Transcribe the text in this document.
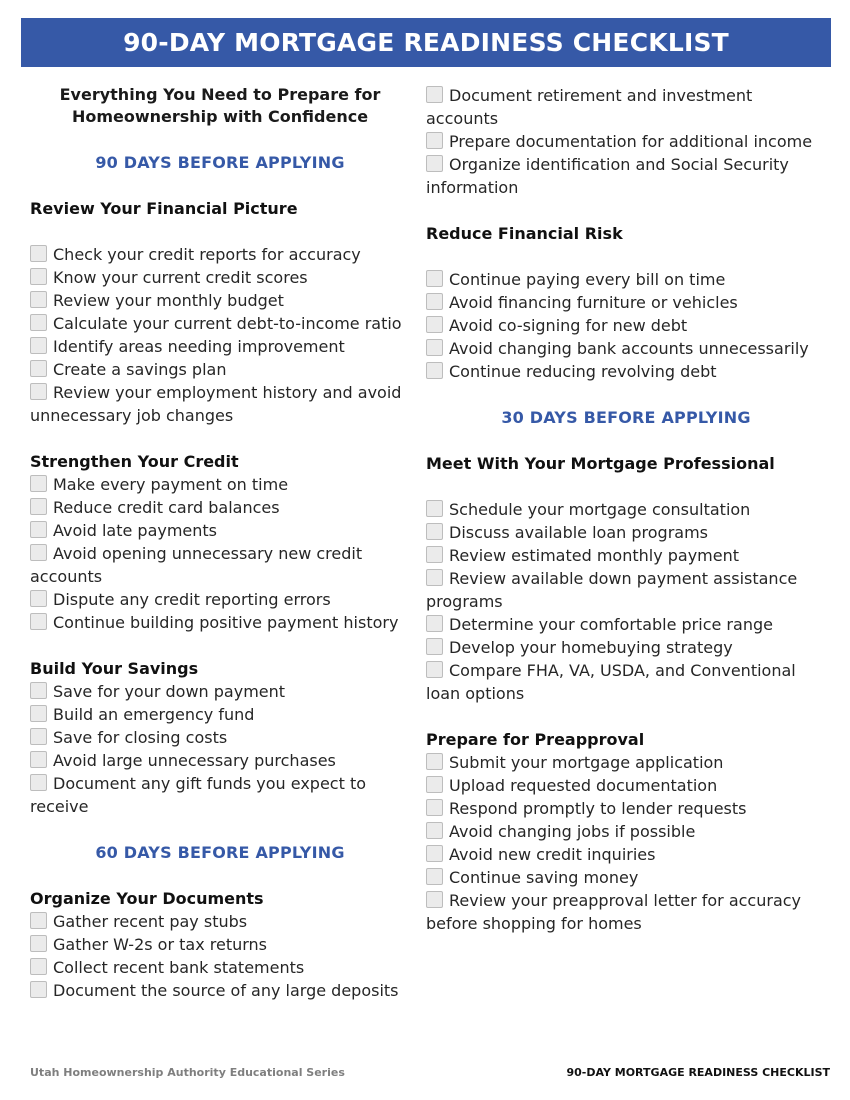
90-DAY MORTGAGE READINESS CHECKLIST
Everything You Need to Prepare for
Homeownership with Confidence
90 DAYS BEFORE APPLYING
Review Your Financial Picture
Check your credit reports for accuracy
Know your current credit scores
Review your monthly budget
Calculate your current debt-to-income ratio
Identify areas needing improvement
Create a savings plan
Review your employment history and avoid unnecessary job changes
Strengthen Your Credit
Make every payment on time
Reduce credit card balances
Avoid late payments
Avoid opening unnecessary new credit accounts
Dispute any credit reporting errors
Continue building positive payment history
Build Your Savings
Save for your down payment
Build an emergency fund
Save for closing costs
Avoid large unnecessary purchases
Document any gift funds you expect to receive
60 DAYS BEFORE APPLYING
Organize Your Documents
Gather recent pay stubs
Gather W-2s or tax returns
Collect recent bank statements
Document the source of any large deposits
Document retirement and investment accounts
Prepare documentation for additional income
Organize identification and Social Security information
Reduce Financial Risk
Continue paying every bill on time
Avoid financing furniture or vehicles
Avoid co-signing for new debt
Avoid changing bank accounts unnecessarily
Continue reducing revolving debt
30 DAYS BEFORE APPLYING
Meet With Your Mortgage Professional
Schedule your mortgage consultation
Discuss available loan programs
Review estimated monthly payment
Review available down payment assistance programs
Determine your comfortable price range
Develop your homebuying strategy
Compare FHA, VA, USDA, and Conventional loan options
Prepare for Preapproval
Submit your mortgage application
Upload requested documentation
Respond promptly to lender requests
Avoid changing jobs if possible
Avoid new credit inquiries
Continue saving money
Review your preapproval letter for accuracy before shopping for homes
Utah Homeownership Authority Educational Series	90-DAY MORTGAGE READINESS CHECKLIST
